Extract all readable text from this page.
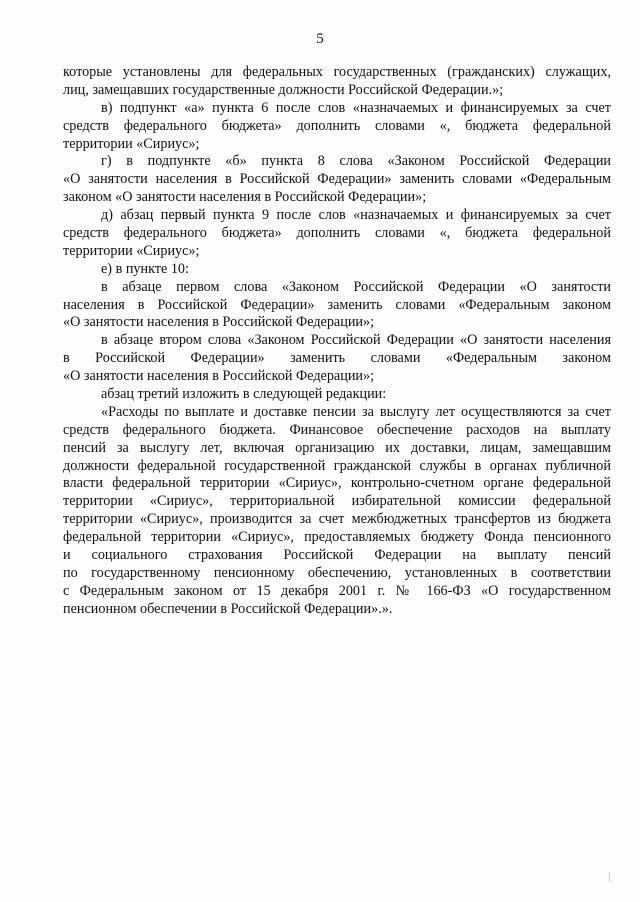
5
которые установлены для федеральных государственных (гражданских) служащих,
лиц, замещавших государственные должности Российской Федерации.»;
в) подпункт «а» пункта 6 после слов «назначаемых и финансируемых за счет
средств федерального бюджета» дополнить словами «, бюджета федеральной
территории «Сириус»;
г) в подпункте «б» пункта 8 слова «Законом Российской Федерации
«О занятости населения в Российской Федерации» заменить словами «Федеральным
законом «О занятости населения в Российской Федерации»;
д) абзац первый пункта 9 после слов «назначаемых и финансируемых за счет
средств федерального бюджета» дополнить словами «, бюджета федеральной
территории «Сириус»;
е) в пункте 10:
в абзаце первом слова «Законом Российской Федерации «О занятости
населения в Российской Федерации» заменить словами «Федеральным законом
«О занятости населения в Российской Федерации»;
в абзаце втором слова «Законом Российской Федерации «О занятости населения
в Российской Федерации» заменить словами «Федеральным законом
«О занятости населения в Российской Федерации»;
абзац третий изложить в следующей редакции:
«Расходы по выплате и доставке пенсии за выслугу лет осуществляются за счет
средств федерального бюджета. Финансовое обеспечение расходов на выплату
пенсий за выслугу лет, включая организацию их доставки, лицам, замещавшим
должности федеральной государственной гражданской службы в органах публичной
власти федеральной территории «Сириус», контрольно-счетном органе федеральной
территории «Сириус», территориальной избирательной комиссии федеральной
территории «Сириус», производится за счет межбюджетных трансфертов из бюджета
федеральной территории «Сириус», предоставляемых бюджету Фонда пенсионного
и социального страхования Российской Федерации на выплату пенсий
по государственному пенсионному обеспечению, установленных в соответствии
с Федеральным законом от 15 декабря 2001 г. № 166-ФЗ «О государственном
пенсионном обеспечении в Российской Федерации».».
